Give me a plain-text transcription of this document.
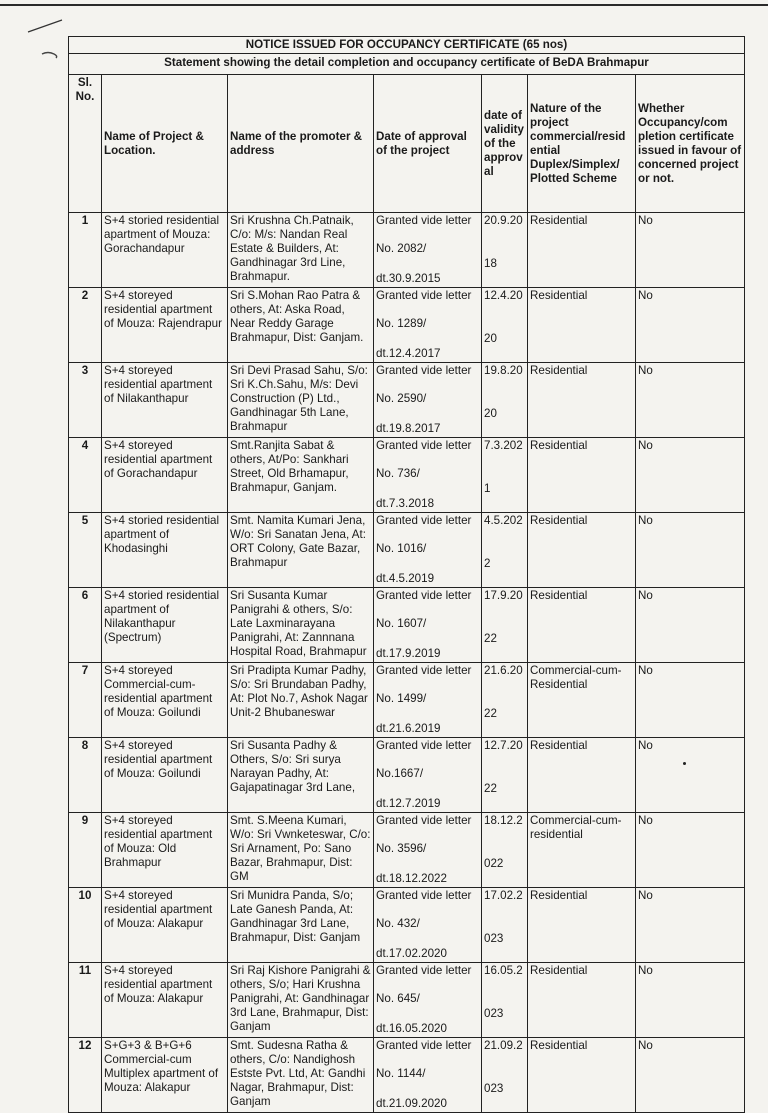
NOTICE ISSUED FOR OCCUPANCY CERTIFICATE (65 nos)						
Statement showing the detail completion and occupancy certificate of BeDA Brahmapur						
Sl. No.	Name of Project & Location.	Name of the promoter & address	Date of approval of the project	date of validity of the approv al	Nature of the project commercial/resid ential Duplex/Simplex/ Plotted Scheme	Whether Occupancy/com pletion certificate issued in favour of concerned project or not.
1	S+4 storied residential apartment of Mouza: Gorachandapur	Sri Krushna Ch.Patnaik, C/o: M/s: Nandan Real Estate & Builders, At: Gandhinagar 3rd Line, Brahmapur.	Granted vide letter
No. 2082/
dt.30.9.2015	20.9.20
18	Residential	No
2	S+4 storeyed residential apartment of Mouza: Rajendrapur	Sri S.Mohan Rao Patra & others, At: Aska Road, Near Reddy Garage Brahmapur, Dist: Ganjam.	Granted vide letter
No. 1289/
dt.12.4.2017	12.4.20
20	Residential	No
3	S+4 storeyed residential apartment of Nilakanthapur	Sri Devi Prasad Sahu, S/o: Sri K.Ch.Sahu, M/s: Devi Construction (P) Ltd., Gandhinagar 5th Lane, Brahmapur	Granted vide letter
No. 2590/
dt.19.8.2017	19.8.20
20	Residential	No
4	S+4 storeyed residential apartment of Gorachandapur	Smt.Ranjita Sabat & others, At/Po: Sankhari Street, Old Brhamapur, Brahmapur, Ganjam.	Granted vide letter
No. 736/
dt.7.3.2018	7.3.202
1	Residential	No
5	S+4 storied residential apartment of Khodasinghi	Smt. Namita Kumari Jena, W/o: Sri Sanatan Jena, At: ORT Colony, Gate Bazar, Brahmapur	Granted vide letter
No. 1016/
dt.4.5.2019	4.5.202
2	Residential	No
6	S+4 storied residential apartment of Nilakanthapur (Spectrum)	Sri Susanta Kumar Panigrahi & others, S/o: Late Laxminarayana Panigrahi, At: Zannnana Hospital Road, Brahmapur	Granted vide letter
No. 1607/
dt.17.9.2019	17.9.20
22	Residential	No
7	S+4 storeyed Commercial-cum-residential apartment of Mouza: Goilundi	Sri Pradipta Kumar Padhy, S/o: Sri Brundaban Padhy, At: Plot No.7, Ashok Nagar Unit-2 Bhubaneswar	Granted vide letter
No. 1499/
dt.21.6.2019	21.6.20
22	Commercial-cum-Residential	No
8	S+4 storeyed residential apartment of Mouza: Goilundi	Sri Susanta Padhy & Others, S/o: Sri surya Narayan Padhy, At: Gajapatinagar 3rd Lane,	Granted vide letter
No.1667/
dt.12.7.2019	12.7.20
22	Residential	No
9	S+4 storeyed residential apartment of Mouza: Old Brahmapur	Smt. S.Meena Kumari, W/o: Sri Vwnketeswar, C/o: Sri Arnament, Po: Sano Bazar, Brahmapur, Dist: GM	Granted vide letter
No. 3596/
dt.18.12.2022	18.12.2
022	Commercial-cum-residential	No
10	S+4 storeyed residential apartment of Mouza: Alakapur	Sri Munidra Panda, S/o; Late Ganesh Panda, At: Gandhinagar 3rd Lane, Brahmapur, Dist: Ganjam	Granted vide letter
No. 432/
dt.17.02.2020	17.02.2
023	Residential	No
11	S+4 storeyed residential apartment of Mouza: Alakapur	Sri Raj Kishore Panigrahi & others, S/o; Hari Krushna Panigrahi, At: Gandhinagar 3rd Lane, Brahmapur, Dist: Ganjam	Granted vide letter
No. 645/
dt.16.05.2020	16.05.2
023	Residential	No
12	S+G+3 & B+G+6 Commercial-cum Multiplex apartment of Mouza: Alakapur	Smt. Sudesna Ratha & others, C/o: Nandighosh Estste Pvt. Ltd, At: Gandhi Nagar, Brahmapur, Dist: Ganjam	Granted vide letter
No. 1144/
dt.21.09.2020	21.09.2
023	Residential	No
